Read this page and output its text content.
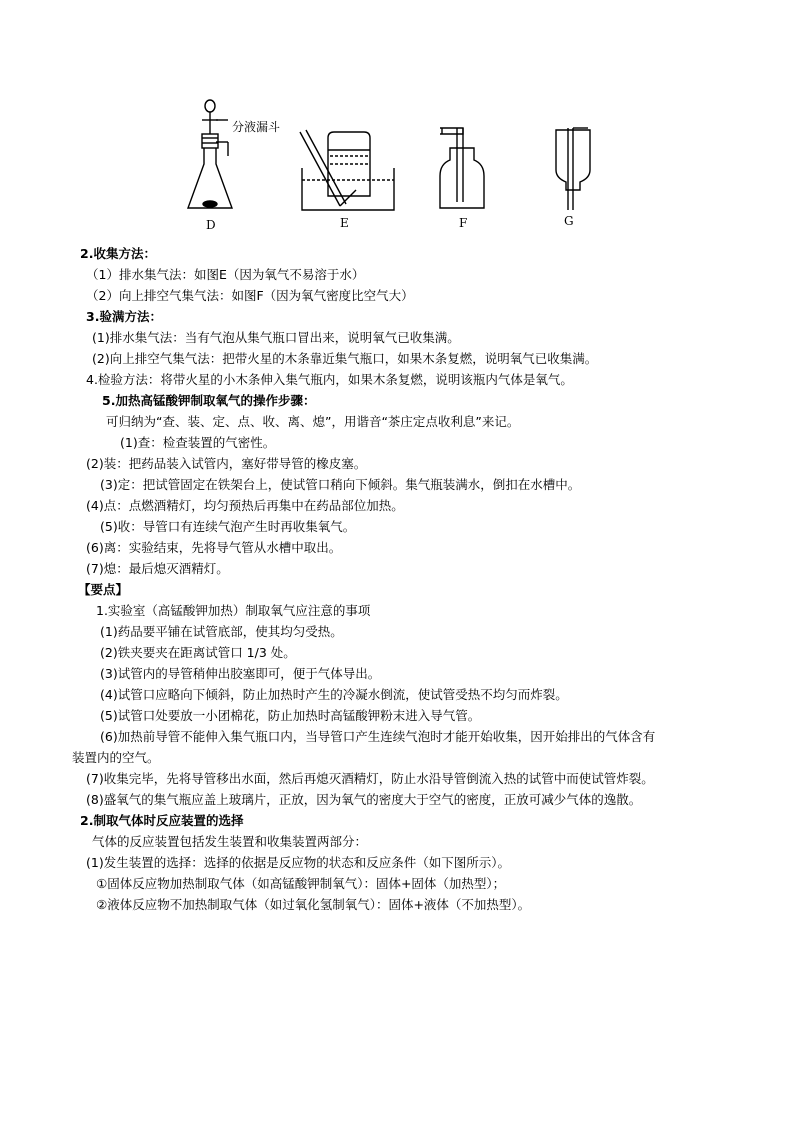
分液漏斗
D	E	F	G
2.收集方法：
（1）排水集气法：如图E（因为氧气不易溶于水）
（2）向上排空气集气法：如图F（因为氧气密度比空气大）
3.验满方法：
(1)排水集气法：当有气泡从集气瓶口冒出来，说明氧气已收集满。
(2)向上排空气集气法：把带火星的木条靠近集气瓶口，如果木条复燃，说明氧气已收集满。
4.检验方法：将带火星的小木条伸入集气瓶内，如果木条复燃，说明该瓶内气体是氧气。
5.加热高锰酸钾制取氧气的操作步骤：
可归纳为“查、装、定、点、收、离、熄”，用谐音“茶庄定点收利息”来记。
(1)查：检查装置的气密性。
(2)装：把药品装入试管内，塞好带导管的橡皮塞。
(3)定：把试管固定在铁架台上，使试管口稍向下倾斜。集气瓶装满水，倒扣在水槽中。
(4)点：点燃酒精灯，均匀预热后再集中在药品部位加热。
(5)收：导管口有连续气泡产生时再收集氧气。
(6)离：实验结束，先将导气管从水槽中取出。
(7)熄：最后熄灭酒精灯。
【要点】
1.实验室（高锰酸钾加热）制取氧气应注意的事项
(1)药品要平铺在试管底部，使其均匀受热。
(2)铁夹要夹在距离试管口 1/3 处。
(3)试管内的导管稍伸出胶塞即可，便于气体导出。
(4)试管口应略向下倾斜，防止加热时产生的冷凝水倒流，使试管受热不均匀而炸裂。
(5)试管口处要放一小团棉花，防止加热时高锰酸钾粉末进入导气管。
(6)加热前导管不能伸入集气瓶口内，当导管口产生连续气泡时才能开始收集，因开始排出的气体含有
装置内的空气。
(7)收集完毕，先将导管移出水面，然后再熄灭酒精灯，防止水沿导管倒流入热的试管中而使试管炸裂。
(8)盛氧气的集气瓶应盖上玻璃片，正放，因为氧气的密度大于空气的密度，正放可减少气体的逸散。
2.制取气体时反应装置的选择
气体的反应装置包括发生装置和收集装置两部分：
(1)发生装置的选择：选择的依据是反应物的状态和反应条件（如下图所示）。
①固体反应物加热制取气体（如高锰酸钾制氧气）：固体+固体（加热型）；
②液体反应物不加热制取气体（如过氧化氢制氧气）：固体+液体（不加热型）。
